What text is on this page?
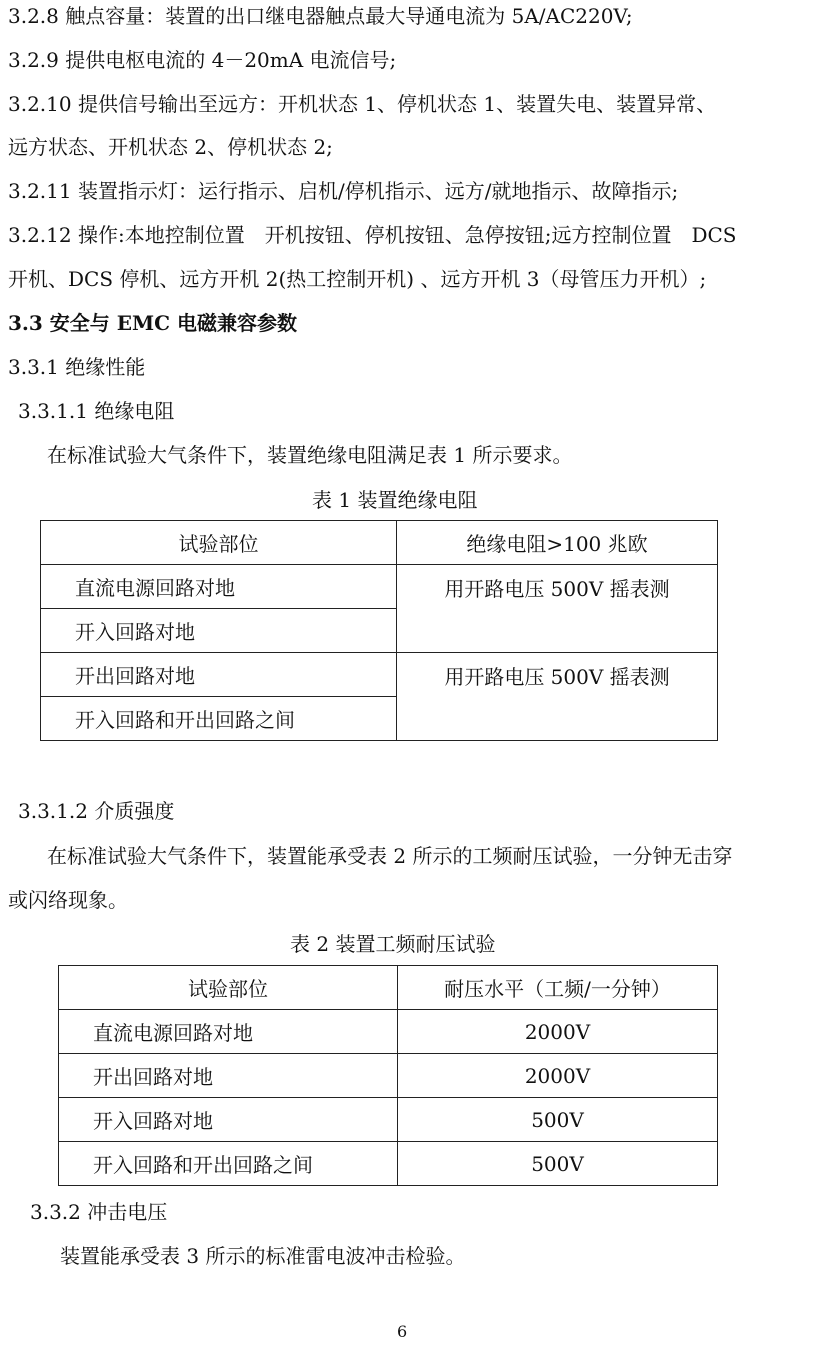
3.2.8 触点容量：装置的出口继电器触点最大导通电流为 5A/AC220V;
3.2.9 提供电枢电流的 4－20mA 电流信号;
3.2.10 提供信号输出至远方：开机状态 1、停机状态 1、装置失电、装置异常、
远方状态、开机状态 2、停机状态 2;
3.2.11 装置指示灯：运行指示、启机/停机指示、远方/就地指示、故障指示;
3.2.12 操作:本地控制位置　开机按钮、停机按钮、急停按钮;远方控制位置　DCS
开机、DCS 停机、远方开机 2(热工控制开机) 、远方开机 3（母管压力开机）;
3.3 安全与 EMC 电磁兼容参数
3.3.1 绝缘性能
3.3.1.1 绝缘电阻
在标准试验大气条件下，装置绝缘电阻满足表 1 所示要求。
表 1 装置绝缘电阻
试验部位	绝缘电阻>100 兆欧
直流电源回路对地	用开路电压 500V 摇表测
开入回路对地	
开出回路对地	用开路电压 500V 摇表测
开入回路和开出回路之间	
3.3.1.2 介质强度
在标准试验大气条件下，装置能承受表 2 所示的工频耐压试验，一分钟无击穿
或闪络现象。
表 2 装置工频耐压试验
试验部位	耐压水平（工频/一分钟）
直流电源回路对地	2000V
开出回路对地	2000V
开入回路对地	500V
开入回路和开出回路之间	500V
3.3.2 冲击电压
装置能承受表 3 所示的标准雷电波冲击检验。
6
